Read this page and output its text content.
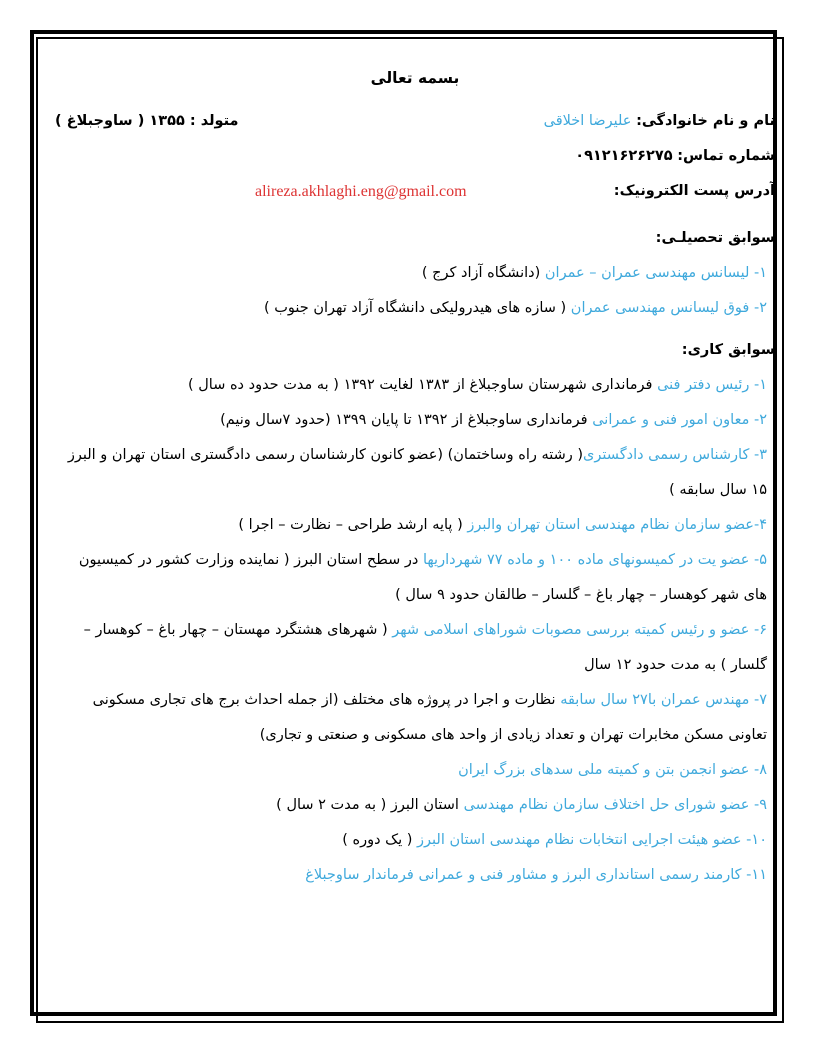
بسمه تعالی

نام و نام خانوادگی: علیرضا اخلاقی

متولد : ۱۳۵۵ ( ساوجبلاغ )

شماره تماس: ۰۹۱۲۱۶۲۶۲۷۵

آدرس پست الکترونیک:

alireza.akhlaghi.eng@gmail.com

سوابق تحصیلـی:

۱- لیسانس مهندسی عمران – عمران (دانشگاه آزاد کرج )

۲- فوق لیسانس مهندسی عمران ( سازه های هیدرولیکی دانشگاه آزاد تهران جنوب )

سوابق کاری:

۱- رئیس دفتر فنی فرمانداری شهرستان ساوجبلاغ از ۱۳۸۳ لغایت ۱۳۹۲ ( به مدت حدود ده سال )

۲- معاون امور فنی و عمرانی فرمانداری ساوجبلاغ از ۱۳۹۲ تا پایان ۱۳۹۹ (حدود ۷سال ونیم)

۳- کارشناس رسمی دادگستری( رشته راه وساختمان) (عضو کانون کارشناسان رسمی دادگستری استان تهران و البرز ۱۵ سال سابقه )

۴-عضو سازمان نظام مهندسی استان تهران والبرز ( پایه ارشد طراحی – نظارت – اجرا )

۵- عضو یت در کمیسونهای ماده ۱۰۰ و ماده ۷۷ شهرداریها در سطح استان البرز ( نماینده وزارت کشور در کمیسیون های شهر کوهسار – چهار باغ – گلسار – طالقان حدود ۹ سال )

۶- عضو و رئیس کمیته بررسی مصوبات شوراهای اسلامی شهر ( شهرهای هشتگرد مهستان – چهار باغ – کوهسار – گلسار ) به مدت حدود ۱۲ سال

۷- مهندس عمران با۲۷ سال سابقه نظارت و اجرا در پروژه های مختلف (از جمله احداث برج های تجاری مسکونی تعاونی مسکن مخابرات تهران و تعداد زیادی از واحد های مسکونی و صنعتی و تجاری)

۸- عضو انجمن بتن و کمیته ملی سدهای بزرگ ایران

۹- عضو شورای حل اختلاف سازمان نظام مهندسی استان البرز ( به مدت ۲ سال )

۱۰- عضو هیئت اجرایی انتخابات نظام مهندسی استان البرز ( یک دوره )

۱۱- کارمند رسمی استانداری البرز و مشاور فنی و عمرانی فرماندار ساوجبلاغ
